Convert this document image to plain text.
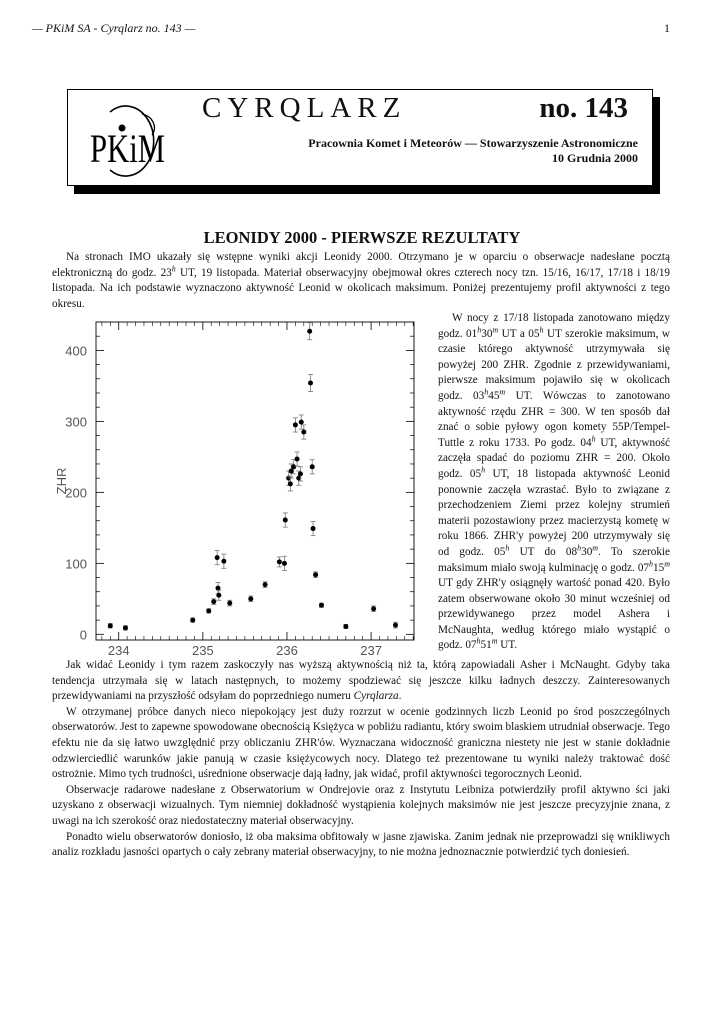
— PKiM SA - Cyrqlarz no. 143 —	1
PKiM
CYRQLARZ	no. 143
Pracownia Komet i Meteorów — Stowarzyszenie Astronomiczne
10 Grudnia 2000
LEONIDY 2000 - PIERWSZE REZULTATY

Na stronach IMO ukazały się wstępne wyniki akcji Leonidy 2000. Otrzymano je w oparciu o obserwacje nadesłane pocztą elektroniczną do godz. 23$^h$ UT, 19 listopada. Materiał obserwacyjny obejmował okres czterech nocy tzn. 15/16, 16/17, 17/18 i 18/19 listopada. Na ich podstawie wyznaczono aktywność Leonid w okolicach maksimum. Poniżej prezentujemy profil aktywności z tego okresu.

0
100
200
300
400
234	235	236	237
ZHR

W nocy z 17/18 listopada zanotowano między godz. 01$^h$30$^m$ UT a 05$^h$ UT szerokie maksimum, w czasie którego aktywność utrzymywała się powyżej 200 ZHR. Zgodnie z przewidywaniami, pierwsze maksimum pojawiło się w okolicach godz. 03$^h$45$^m$ UT. Wówczas to zanotowano aktywność rzędu ZHR = 300. W ten sposób dał znać o sobie pyłowy ogon komety 55P/Tempel-Tuttle z roku 1733. Po godz. 04$^h$ UT, aktywność zaczęła spadać do poziomu ZHR = 200. Około godz. 05$^h$ UT, 18 listopada aktywność Leonid ponownie zaczęła wzrastać. Było to związane z przechodzeniem Ziemi przez kolejny strumień materii pozostawiony przez macierzystą kometę w roku 1866. ZHR'y powyżej 200 utrzymywały się od godz. 05$^h$ UT do 08$^h$30$^m$. To szerokie maksimum miało swoją kulminację o godz. 07$^h$15$^m$ UT gdy ZHR'y osiągnęły wartość ponad 420. Było zatem obserwowane około 30 minut wcześniej od przewidywanego przez model Ashera i McNaughta, według którego miało wystąpić o godz. 07$^h$51$^m$ UT.

Jak widać Leonidy i tym razem zaskoczyły nas wyższą aktywnością niż ta, którą zapowiadali Asher i McNaught. Gdyby taka tendencja utrzymała się w latach następnych, to możemy spodziewać się jeszcze kilku ładnych deszczy. Zainteresowanych przewidywaniami na przyszłość odsyłam do poprzedniego numeru Cyrqlarza.

W otrzymanej próbce danych nieco niepokojący jest duży rozrzut w ocenie godzinnych liczb Leonid po środ poszczególnych obserwatorów. Jest to zapewne spowodowane obecnością Księżyca w pobliżu radiantu, który swoim blaskiem utrudniał obserwacje. Tego efektu nie da się łatwo uwzględnić przy obliczaniu ZHR'ów. Wyznaczana widoczność graniczna niestety nie jest w stanie dokładnie odzwierciedlić warunków jakie panują w czasie księżycowych nocy. Dlatego też prezentowane tu wyniki należy traktować dość ostrożnie. Mimo tych trudności, uśrednione obserwacje dają ładny, jak widać, profil aktywności tegorocznych Leonid.

Obserwacje radarowe nadesłane z Obserwatorium w Ondrejovie oraz z Instytutu Leibniza potwierdziły profil aktywno ści jaki uzyskano z obserwacji wizualnych. Tym niemniej dokładność wystąpienia kolejnych maksimów nie jest jeszcze precyzyjnie znana, z uwagi na ich szerokość oraz niedostateczny materiał obserwacyjny.

Ponadto wielu obserwatorów doniosło, iż oba maksima obfitowały w jasne zjawiska. Zanim jednak nie przeprowadzi się wnikliwych analiz rozkładu jasności opartych o cały zebrany materiał obserwacyjny, to nie można jednoznacznie potwierdzić tych doniesień.
